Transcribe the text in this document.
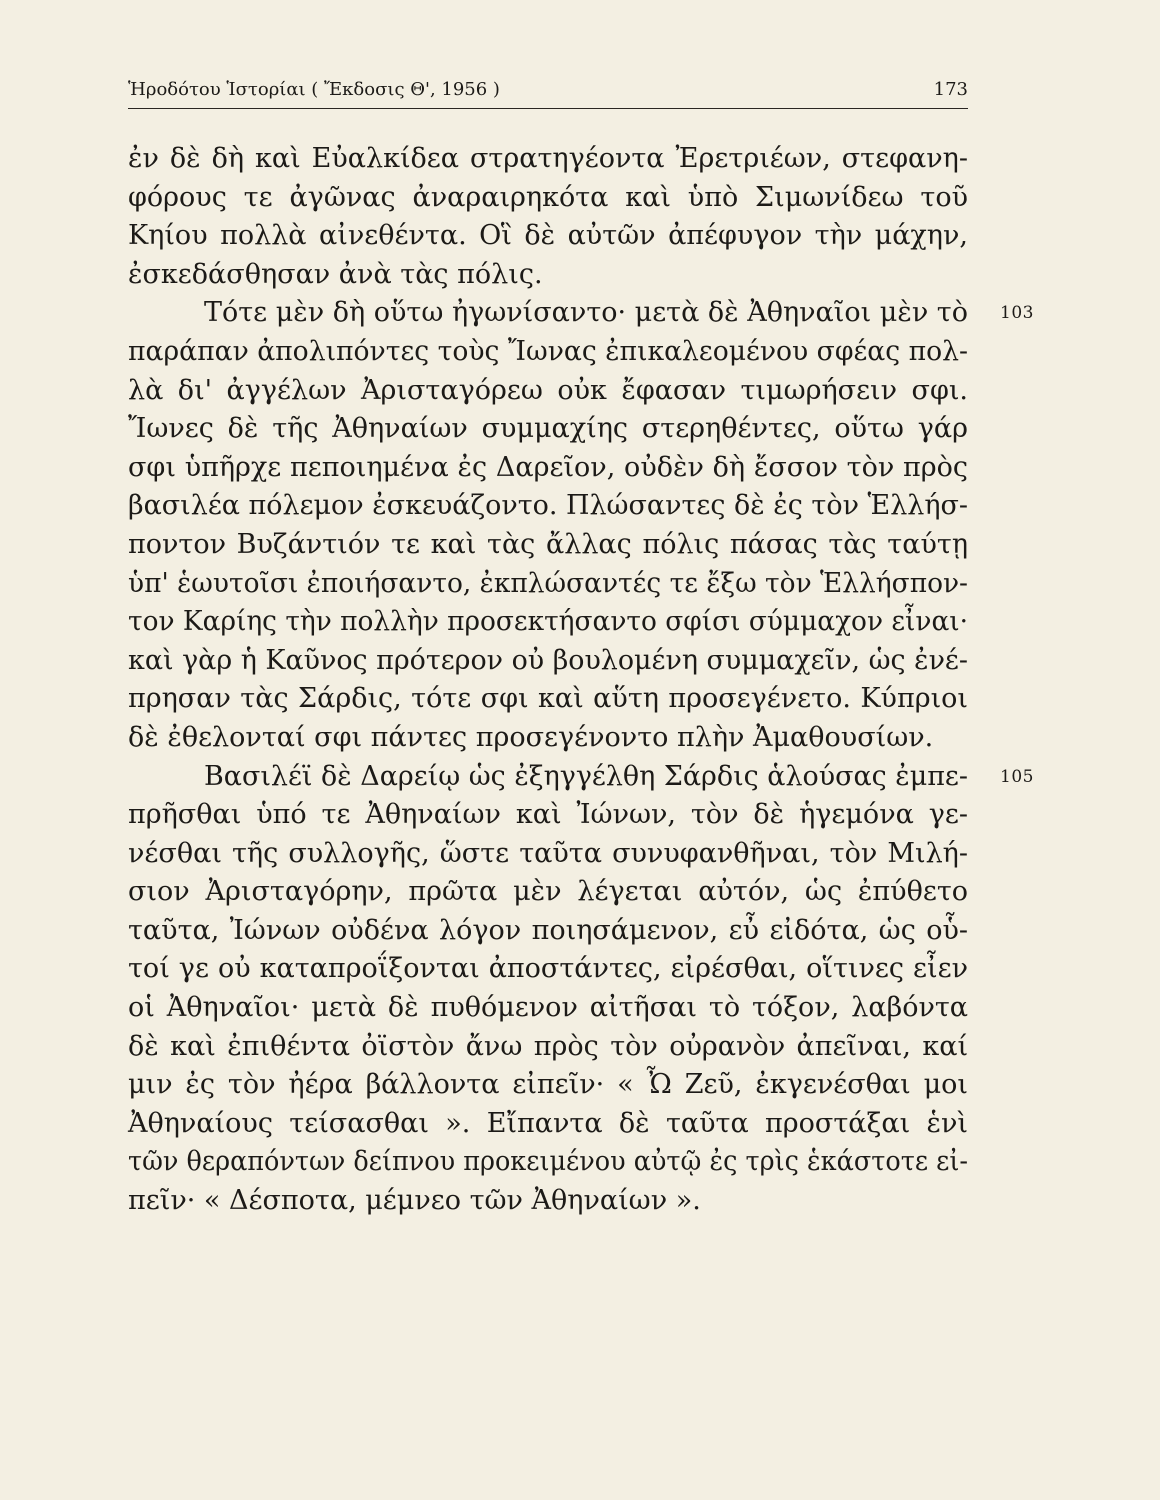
Ἡροδότου Ἱστορίαι ( Ἔκδοσις Θ', 1956 )	173
ἐν δὲ δὴ καὶ Εὐαλκίδεα στρατηγέοντα Ἐρετριέων, στεφανη-
φόρους τε ἀγῶνας ἀναραιρηκότα καὶ ὑπὸ Σιμωνίδεω τοῦ
Κηίου πολλὰ αἰνεθέντα. Οἳ δὲ αὐτῶν ἀπέφυγον τὴν μάχην,
ἐσκεδάσθησαν ἀνὰ τὰς πόλις.
Τότε μὲν δὴ οὕτω ἠγωνίσαντο· μετὰ δὲ Ἀθηναῖοι μὲν τὸ 103
παράπαν ἀπολιπόντες τοὺς Ἴωνας ἐπικαλεομένου σφέας πολ-
λὰ δι' ἀγγέλων Ἀρισταγόρεω οὐκ ἔφασαν τιμωρήσειν σφι.
Ἴωνες δὲ τῆς Ἀθηναίων συμμαχίης στερηθέντες, οὕτω γάρ
σφι ὑπῆρχε πεποιημένα ἐς Δαρεῖον, οὐδὲν δὴ ἔσσον τὸν πρὸς
βασιλέα πόλεμον ἐσκευάζοντο. Πλώσαντες δὲ ἐς τὸν Ἑλλήσ-
ποντον Βυζάντιόν τε καὶ τὰς ἄλλας πόλις πάσας τὰς ταύτῃ
ὑπ' ἑωυτοῖσι ἐποιήσαντο, ἐκπλώσαντές τε ἔξω τὸν Ἑλλήσπον-
τον Καρίης τὴν πολλὴν προσεκτήσαντο σφίσι σύμμαχον εἶναι·
καὶ γὰρ ἡ Καῦνος πρότερον οὐ βουλομένη συμμαχεῖν, ὡς ἐνέ-
πρησαν τὰς Σάρδις, τότε σφι καὶ αὕτη προσεγένετο. Κύπριοι
δὲ ἐθελονταί σφι πάντες προσεγένοντο πλὴν Ἀμαθουσίων.
Βασιλέϊ δὲ Δαρείῳ ὡς ἐξηγγέλθη Σάρδις ἁλούσας ἐμπε- 105
πρῆσθαι ὑπό τε Ἀθηναίων καὶ Ἰώνων, τὸν δὲ ἡγεμόνα γε-
νέσθαι τῆς συλλογῆς, ὥστε ταῦτα συνυφανθῆναι, τὸν Μιλή-
σιον Ἀρισταγόρην, πρῶτα μὲν λέγεται αὐτόν, ὡς ἐπύθετο
ταῦτα, Ἰώνων οὐδένα λόγον ποιησάμενον, εὖ εἰδότα, ὡς οὗ-
τοί γε οὐ καταπροΐξονται ἀποστάντες, εἰρέσθαι, οἵτινες εἶεν
οἱ Ἀθηναῖοι· μετὰ δὲ πυθόμενον αἰτῆσαι τὸ τόξον, λαβόντα
δὲ καὶ ἐπιθέντα ὀϊστὸν ἄνω πρὸς τὸν οὐρανὸν ἀπεῖναι, καί
μιν ἐς τὸν ἠέρα βάλλοντα εἰπεῖν· « Ὦ Ζεῦ, ἐκγενέσθαι μοι
Ἀθηναίους τείσασθαι ». Εἴπαντα δὲ ταῦτα προστάξαι ἑνὶ
τῶν θεραπόντων δείπνου προκειμένου αὐτῷ ἐς τρὶς ἑκάστοτε εἰ-
πεῖν· « Δέσποτα, μέμνεο τῶν Ἀθηναίων ».
